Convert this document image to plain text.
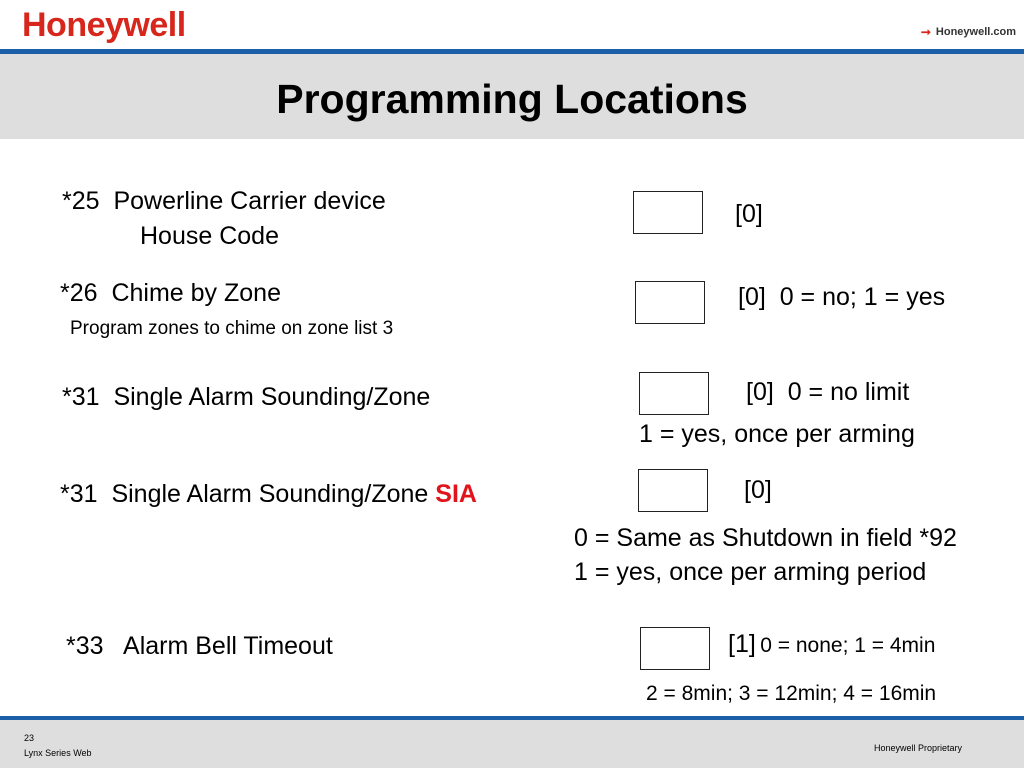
Honeywell	➞ Honeywell.com
Programming Locations
*25 Powerline Carrier device
House Code
[0]
*26 Chime by Zone
Program zones to chime on zone list 3
[0] 0 = no; 1 = yes
*31 Single Alarm Sounding/Zone	[0] 0 = no limit
1 = yes, once per arming
*31 Single Alarm Sounding/Zone SIA	[0]
0 = Same as Shutdown in field *92
1 = yes, once per arming period
*33 Alarm Bell Timeout	[1] 0 = none; 1 = 4min
2 = 8min; 3 = 12min; 4 = 16min
23
Lynx Series Web	Honeywell Proprietary
